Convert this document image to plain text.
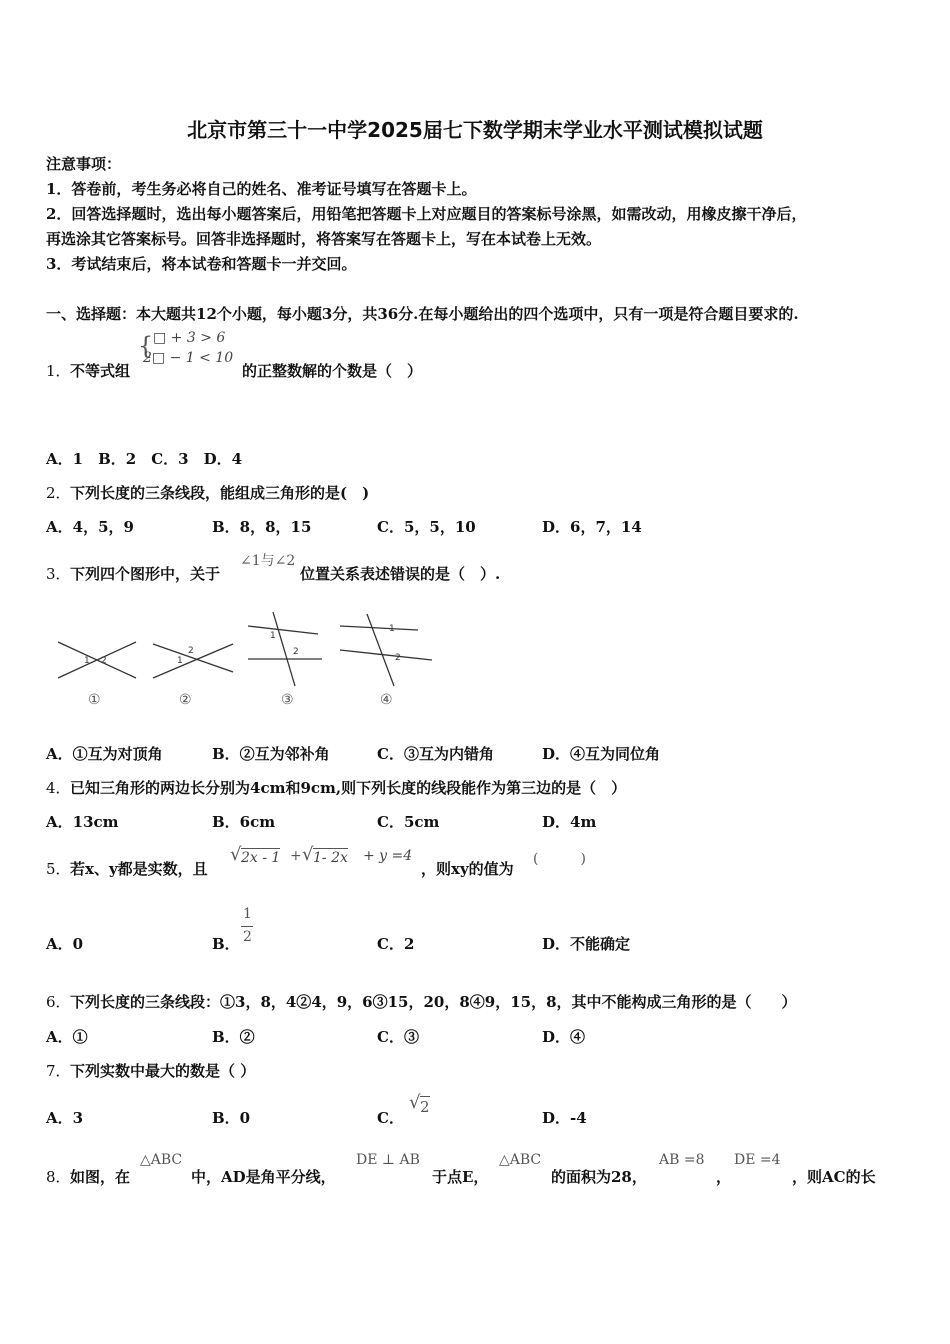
北京市第三十一中学2025届七下数学期末学业水平测试模拟试题
注意事项：
1．答卷前，考生务必将自己的姓名、准考证号填写在答题卡上。
2．回答选择题时，选出每小题答案后，用铅笔把答题卡上对应题目的答案标号涂黑，如需改动，用橡皮擦干净后，
再选涂其它答案标号。回答非选择题时，将答案写在答题卡上，写在本试卷上无效。
3．考试结束后，将本试卷和答题卡一并交回。
一、选择题：本大题共12个小题，每小题3分，共36分.在每小题给出的四个选项中，只有一项是符合题目要求的.
1． 不等式组
{ □ + 3 > 6
2□ − 1 < 10
的正整数解的个数是（　）
A．1　B．2　C．3　D．4
2． 下列长度的三条线段，能组成三角形的是(　)
A．4，5，9	B．8，8，15	C．5，5，10	D．6，7，14
3． 下列四个图形中，关于
∠1与∠2
位置关系表述错误的是（　）.
1 2	1
2
1
2
1
2
①	②	③	④
A．①互为对顶角	B．②互为邻补角	C．③互为内错角	D．④互为同位角
4． 已知三角形的两边长分别为4cm和9cm,则下列长度的线段能作为第三边的是（　）
A．13cm	B．6cm	C．5cm	D．4m
5． 若x、y都是实数，且
√ 2x - 1 + √ 1- 2x + y =4
，则xy的值为
(　　　)
A．0	B．
1
2	C．2	D．不能确定
6． 下列长度的三条线段：①3，8，4②4，9，6③15，20，8④9，15，8，其中不能构成三角形的是（　　）
A．①	B．②	C．③	D．④
7． 下列实数中最大的数是（ ）
A．3	B．0	C．
√ 2
D．-4
8． 如图，在
△ABC
中，AD是角平分线，
DE ⊥ AB
于点E，
△ABC
的面积为28，
AB =8
，
DE =4
，则AC的长
